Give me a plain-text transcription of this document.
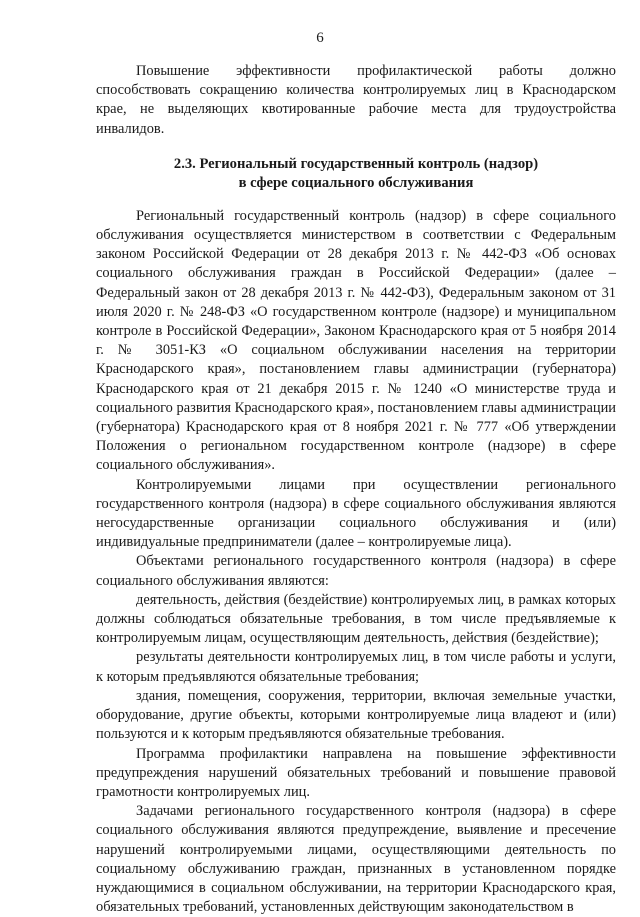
6

Повышение эффективности профилактической работы должно способствовать сокращению количества контролируемых лиц в Краснодарском крае, не выделяющих квотированные рабочие места для трудоустройства инвалидов.

2.3. Региональный государственный контроль (надзор)
в сфере социального обслуживания

Региональный государственный контроль (надзор) в сфере социального обслуживания осуществляется министерством в соответствии с Федеральным законом Российской Федерации от 28 декабря 2013 г. № 442-ФЗ «Об основах социального обслуживания граждан в Российской Федерации» (далее – Федеральный закон от 28 декабря 2013 г. № 442-ФЗ), Федеральным законом от 31 июля 2020 г. № 248-ФЗ «О государственном контроле (надзоре) и муниципальном контроле в Российской Федерации», Законом Краснодарского края от 5 ноября 2014 г. № 3051-КЗ «О социальном обслуживании населения на территории Краснодарского края», постановлением главы администрации (губернатора) Краснодарского края от 21 декабря 2015 г. № 1240 «О министерстве труда и социального развития Краснодарского края», постановлением главы администрации (губернатора) Краснодарского края от 8 ноября 2021 г. № 777 «Об утверждении Положения о региональном государственном контроле (надзоре) в сфере социального обслуживания».

Контролируемыми лицами при осуществлении регионального государственного контроля (надзора) в сфере социального обслуживания являются негосударственные организации социального обслуживания и (или) индивидуальные предприниматели (далее – контролируемые лица).

Объектами регионального государственного контроля (надзора) в сфере социального обслуживания являются:

деятельность, действия (бездействие) контролируемых лиц, в рамках которых должны соблюдаться обязательные требования, в том числе предъявляемые к контролируемым лицам, осуществляющим деятельность, действия (бездействие);

результаты деятельности контролируемых лиц, в том числе работы и услуги, к которым предъявляются обязательные требования;

здания, помещения, сооружения, территории, включая земельные участки, оборудование, другие объекты, которыми контролируемые лица владеют и (или) пользуются и к которым предъявляются обязательные требования.

Программа профилактики направлена на повышение эффективности предупреждения нарушений обязательных требований и повышение правовой грамотности контролируемых лиц.

Задачами регионального государственного контроля (надзора) в сфере социального обслуживания являются предупреждение, выявление и пресечение нарушений контролируемыми лицами, осуществляющими деятельность по социальному обслуживанию граждан, признанных в установленном порядке нуждающимися в социальном обслуживании, на территории Краснодарского края, обязательных требований, установленных действующим законодательством в
